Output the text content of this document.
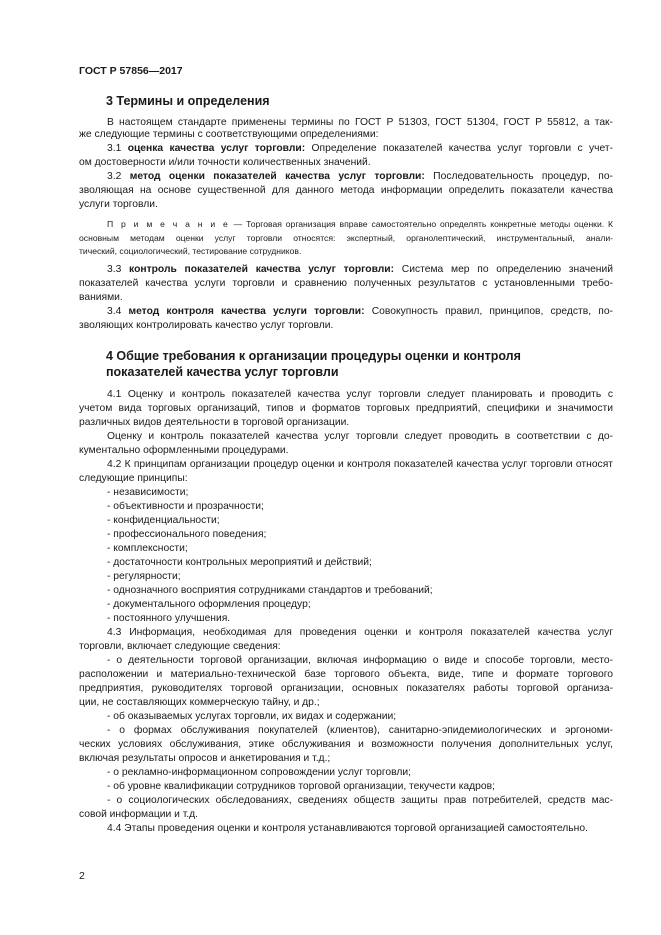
ГОСТ Р 57856—2017
3 Термины и определения
В настоящем стандарте применены термины по ГОСТ Р 51303, ГОСТ 51304, ГОСТ Р 55812, а так-
же следующие термины с соответствующими определениями:
3.1 оценка качества услуг торговли: Определение показателей качества услуг торговли с учет-
ом достоверности и/или точности количественных значений.
3.2 метод оценки показателей качества услуг торговли: Последовательность процедур, по-
зволяющая на основе существенной для данного метода информации определить показатели качества
услуги торговли.
П р и м е ч а н и е — Торговая организация вправе самостоятельно определять конкретные методы оценки. К
основным методам оценки услуг торговли относятся: экспертный, органолептический, инструментальный, анали-
тический, социологический, тестирование сотрудников.
3.3 контроль показателей качества услуг торговли: Система мер по определению значений
показателей качества услуги торговли и сравнению полученных результатов с установленными требо-
ваниями.
3.4 метод контроля качества услуги торговли: Совокупность правил, принципов, средств, по-
зволяющих контролировать качество услуг торговли.
4 Общие требования к организации процедуры оценки и контроля
показателей качества услуг торговли
4.1 Оценку и контроль показателей качества услуг торговли следует планировать и проводить с
учетом вида торговых организаций, типов и форматов торговых предприятий, специфики и значимости
различных видов деятельности в торговой организации.
Оценку и контроль показателей качества услуг торговли следует проводить в соответствии с до-
кументально оформленными процедурами.
4.2 К принципам организации процедур оценки и контроля показателей качества услуг торговли относят
следующие принципы:
- независимости;
- объективности и прозрачности;
- конфиденциальности;
- профессионального поведения;
- комплексности;
- достаточности контрольных мероприятий и действий;
- регулярности;
- однозначного восприятия сотрудниками стандартов и требований;
- документального оформления процедур;
- постоянного улучшения.
4.3 Информация, необходимая для проведения оценки и контроля показателей качества услуг
торговли, включает следующие сведения:
- о деятельности торговой организации, включая информацию о виде и способе торговли, место-
расположении и материально-технической базе торгового объекта, виде, типе и формате торгового
предприятия, руководителях торговой организации, основных показателях работы торговой организа-
ции, не составляющих коммерческую тайну, и др.;
- об оказываемых услугах торговли, их видах и содержании;
- о формах обслуживания покупателей (клиентов), санитарно-эпидемиологических и эргономи-
ческих условиях обслуживания, этике обслуживания и возможности получения дополнительных услуг,
включая результаты опросов и анкетирования и т.д.;
- о рекламно-информационном сопровождении услуг торговли;
- об уровне квалификации сотрудников торговой организации, текучести кадров;
- о социологических обследованиях, сведениях обществ защиты прав потребителей, средств мас-
совой информации и т.д.
4.4 Этапы проведения оценки и контроля устанавливаются торговой организацией самостоятельно.
2
